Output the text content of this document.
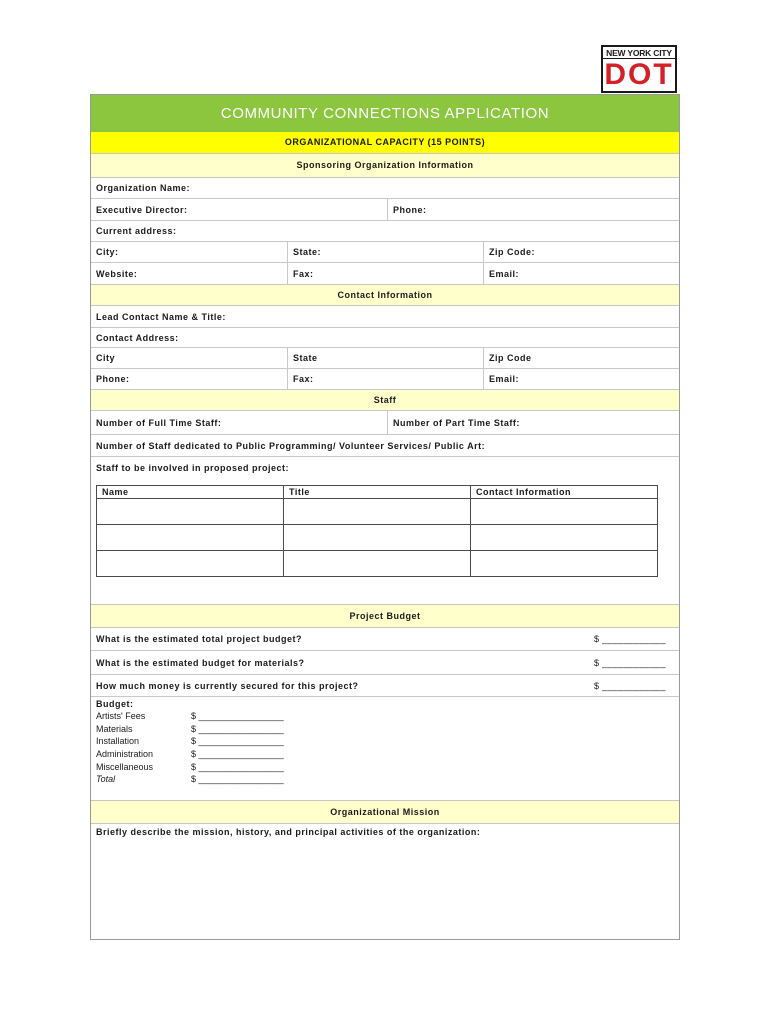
NEW YORK CITY
DOT
COMMUNITY CONNECTIONS APPLICATION
ORGANIZATIONAL CAPACITY (15 POINTS)
Sponsoring Organization Information
Organization Name:
Executive Director:	Phone:
Current address:
City:	State:	Zip Code:
Website:	Fax:	Email:
Contact Information
Lead Contact Name & Title:
Contact Address:
City	State	Zip Code
Phone:	Fax:	Email:
Staff
Number of Full Time Staff:	Number of Part Time Staff:
Number of Staff dedicated to Public Programming/ Volunteer Services/ Public Art:
Staff to be involved in proposed project:
Name	Title	Contact Information

Project Budget
What is the estimated total project budget?	$ ____________
What is the estimated budget for materials?	$ ____________
How much money is currently secured for this project?	$ ____________
Budget:
Artists' Fees	$ _________________
Materials	$ _________________
Installation	$ _________________
Administration	$ _________________
Miscellaneous	$ _________________
Total	$ _________________
Organizational Mission
Briefly describe the mission, history, and principal activities of the organization:
